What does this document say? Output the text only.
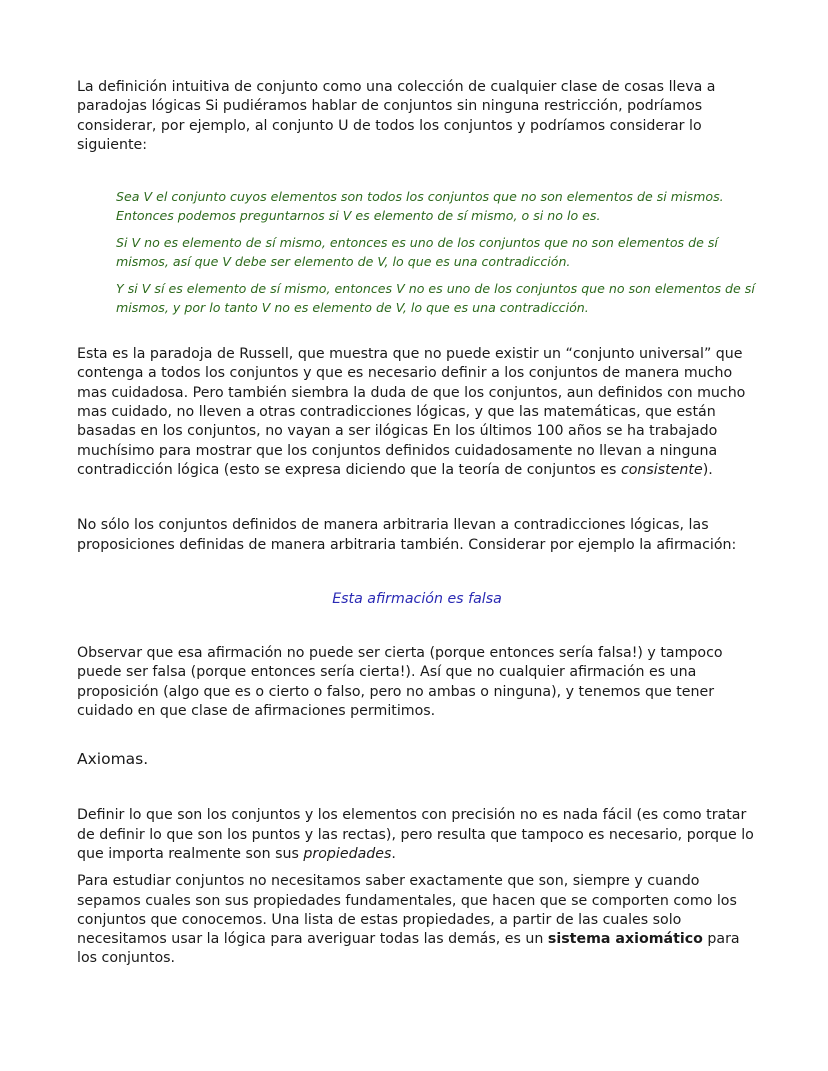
La definición intuitiva de conjunto como una colección de cualquier clase de cosas lleva a paradojas lógicas Si pudiéramos hablar de conjuntos sin ninguna restricción, podríamos considerar, por ejemplo, al conjunto U de todos los conjuntos y podríamos considerar lo siguiente:

Sea V el conjunto cuyos elementos son todos los conjuntos que no son elementos de si mismos. Entonces podemos preguntarnos si V es elemento de sí mismo, o si no lo es.

Si V no es elemento de sí mismo, entonces es uno de los conjuntos que no son elementos de sí mismos, así que V debe ser elemento de V, lo que es una contradicción.

Y si V sí es elemento de sí mismo, entonces V no es uno de los conjuntos que no son elementos de sí mismos, y por lo tanto V no es elemento de V, lo que es una contradicción.

Esta es la paradoja de Russell, que muestra que no puede existir un “conjunto universal” que contenga a todos los conjuntos y que es necesario definir a los conjuntos de manera mucho mas cuidadosa. Pero también siembra la duda de que los conjuntos, aun definidos con mucho mas cuidado, no lleven a otras contradicciones lógicas, y que las matemáticas, que están basadas en los conjuntos, no vayan a ser ilógicas En los últimos 100 años se ha trabajado muchísimo para mostrar que los conjuntos definidos cuidadosamente no llevan a ninguna contradicción lógica (esto se expresa diciendo que la teoría de conjuntos es consistente).

No sólo los conjuntos definidos de manera arbitraria llevan a contradicciones lógicas, las proposiciones definidas de manera arbitraria también. Considerar por ejemplo la afirmación:

Esta afirmación es falsa

Observar que esa afirmación no puede ser cierta (porque entonces sería falsa!) y tampoco puede ser falsa (porque entonces sería cierta!). Así que no cualquier afirmación es una proposición (algo que es o cierto o falso, pero no ambas o ninguna), y tenemos que tener cuidado en que clase de afirmaciones permitimos.

Axiomas.

Definir lo que son los conjuntos y los elementos con precisión no es nada fácil (es como tratar de definir lo que son los puntos y las rectas), pero resulta que tampoco es necesario, porque lo que importa realmente son sus propiedades.

Para estudiar conjuntos no necesitamos saber exactamente que son, siempre y cuando sepamos cuales son sus propiedades fundamentales, que hacen que se comporten como los conjuntos que conocemos. Una lista de estas propiedades, a partir de las cuales solo necesitamos usar la lógica para averiguar todas las demás, es un sistema axiomático para los conjuntos.
